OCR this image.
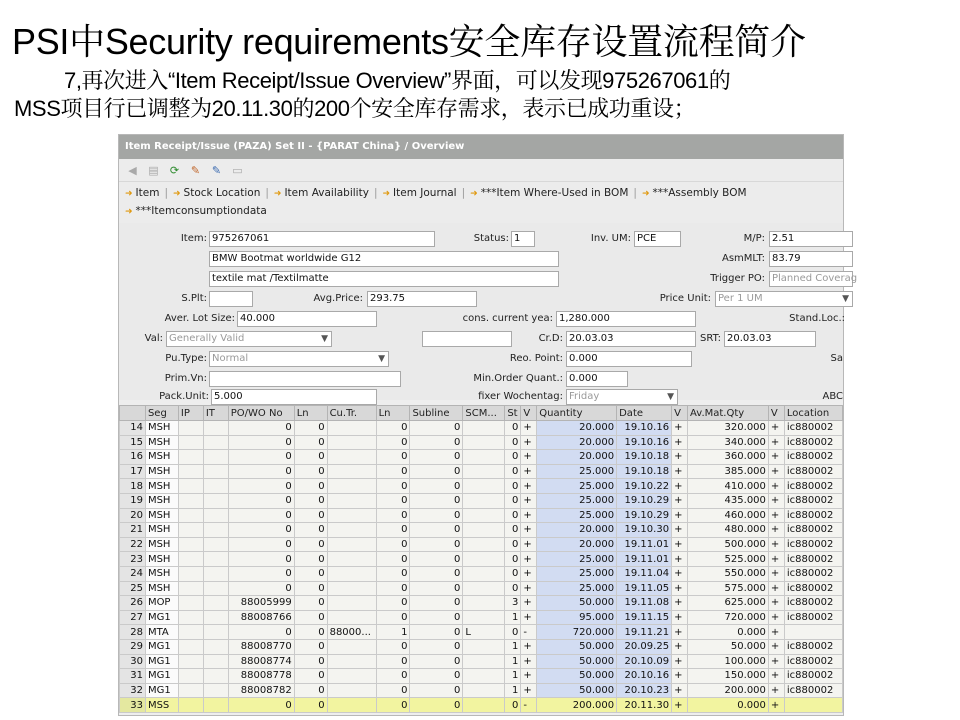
PSI中Security requirements安全库存设置流程简介
7,再次进入“Item Receipt/Issue Overview”界面，可以发现975267061的
MSS项目行已调整为20.11.30的200个安全库存需求，表示已成功重设；
Item Receipt/Issue (PAZA) Set II - {PARAT China} / Overview
◀ ▤ ⟳ ✎ ✎ ▭
➜ Item | ➜ Stock Location | ➜ Item Availability | ➜ Item Journal | ➜ ***Item Where-Used in BOM | ➜ ***Assembly BOM
➜ ***Itemconsumptiondata
Item: 975267061	Status: 1	Inv. UM: PCE	M/P: 2.51
BMW Bootmat worldwide G12	AsmMLT: 83.79
textile mat /Textilmatte	Trigger PO: Planned Coverag
S.Plt:	Avg.Price: 293.75	Price Unit: Per 1 UM	▼
Aver. Lot Size: 40.000	cons. current yea: 1,280.000	Stand.Loc.:
Val: Generally Valid	▼	Cr.D: 20.03.03	SRT: 20.03.03
Pu.Type: Normal	▼	Reo. Point: 0.000	Sa
Prim.Vn:	Min.Order Quant.: 0.000
Pack.Unit: 5.000	fixer Wochentag: Friday	▼	ABC
	Seg	IP	IT	PO/WO No	Ln	Cu.Tr.	Ln	Subline	SCM...	St	V	Quantity	Date	V	Av.Mat.Qty	V	Location
14	MSH			0	0		0	0		0	+	20.000	19.10.16	+	320.000	+	ic880002
15	MSH			0	0		0	0		0	+	20.000	19.10.16	+	340.000	+	ic880002
16	MSH			0	0		0	0		0	+	20.000	19.10.18	+	360.000	+	ic880002
17	MSH			0	0		0	0		0	+	25.000	19.10.18	+	385.000	+	ic880002
18	MSH			0	0		0	0		0	+	25.000	19.10.22	+	410.000	+	ic880002
19	MSH			0	0		0	0		0	+	25.000	19.10.29	+	435.000	+	ic880002
20	MSH			0	0		0	0		0	+	25.000	19.10.29	+	460.000	+	ic880002
21	MSH			0	0		0	0		0	+	20.000	19.10.30	+	480.000	+	ic880002
22	MSH			0	0		0	0		0	+	20.000	19.11.01	+	500.000	+	ic880002
23	MSH			0	0		0	0		0	+	25.000	19.11.01	+	525.000	+	ic880002
24	MSH			0	0		0	0		0	+	25.000	19.11.04	+	550.000	+	ic880002
25	MSH			0	0		0	0		0	+	25.000	19.11.05	+	575.000	+	ic880002
26	MOP			88005999	0		0	0		3	+	50.000	19.11.08	+	625.000	+	ic880002
27	MG1			88008766	0		0	0		1	+	95.000	19.11.15	+	720.000	+	ic880002
28	MTA			0	0	88000...	1	0	L	0	-	720.000	19.11.21	+	0.000	+	
29	MG1			88008770	0		0	0		1	+	50.000	20.09.25	+	50.000	+	ic880002
30	MG1			88008774	0		0	0		1	+	50.000	20.10.09	+	100.000	+	ic880002
31	MG1			88008778	0		0	0		1	+	50.000	20.10.16	+	150.000	+	ic880002
32	MG1			88008782	0		0	0		1	+	50.000	20.10.23	+	200.000	+	ic880002
33	MSS			0	0		0	0		0	-	200.000	20.11.30	+	0.000	+	
